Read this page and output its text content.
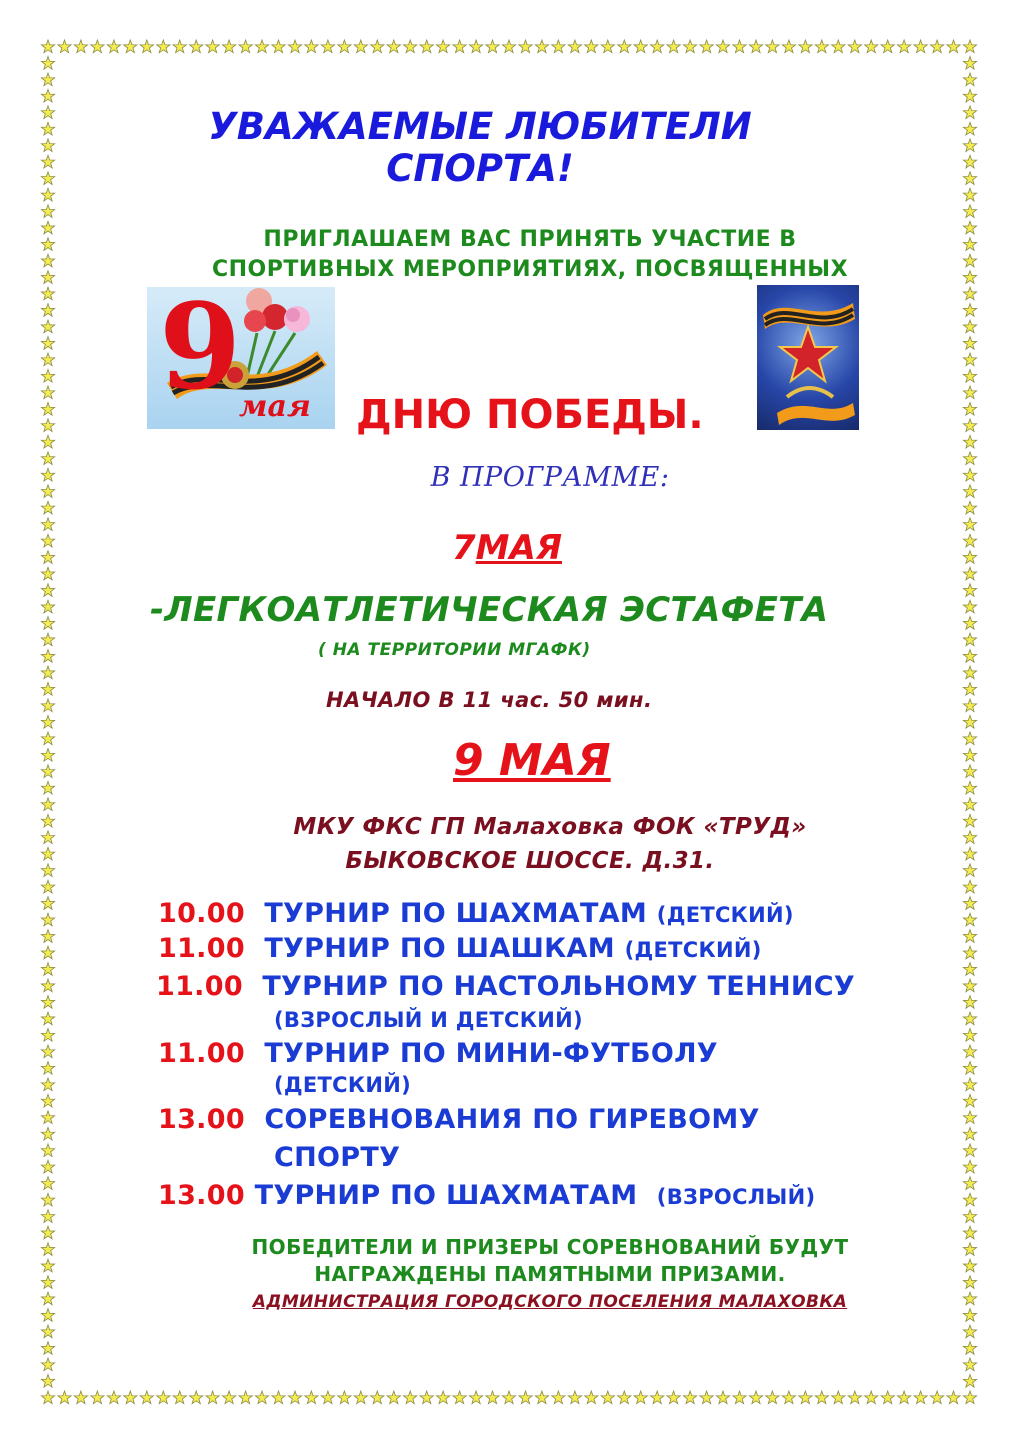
УВАЖАЕМЫЕ ЛЮБИТЕЛИ
СПОРТА!
ПРИГЛАШАЕМ ВАС ПРИНЯТЬ УЧАСТИЕ В
СПОРТИВНЫХ МЕРОПРИЯТИЯХ, ПОСВЯЩЕННЫХ
9
мая ДНЮ ПОБЕДЫ.
В ПРОГРАММЕ:
7МАЯ
-ЛЕГКОАТЛЕТИЧЕСКАЯ ЭСТАФЕТА
( НА ТЕРРИТОРИИ МГАФК)
НАЧАЛО В 11 час. 50 мин.
9 МАЯ
МКУ ФКС ГП Малаховка ФОК «ТРУД»
БЫКОВСКОЕ ШОССЕ. Д.31.
10.00 ТУРНИР ПО ШАХМАТАМ (ДЕТСКИЙ)
11.00 ТУРНИР ПО ШАШКАМ (ДЕТСКИЙ)
11.00 ТУРНИР ПО НАСТОЛЬНОМУ ТЕННИСУ
(ВЗРОСЛЫЙ И ДЕТСКИЙ)
11.00 ТУРНИР ПО МИНИ-ФУТБОЛУ
(ДЕТСКИЙ)
13.00 СОРЕВНОВАНИЯ ПО ГИРЕВОМУ
СПОРТУ
13.00 ТУРНИР ПО ШАХМАТАМ (ВЗРОСЛЫЙ)
ПОБЕДИТЕЛИ И ПРИЗЕРЫ СОРЕВНОВАНИЙ БУДУТ
НАГРАЖДЕНЫ ПАМЯТНЫМИ ПРИЗАМИ.
АДМИНИСТРАЦИЯ ГОРОДСКОГО ПОСЕЛЕНИЯ МАЛАХОВКА
